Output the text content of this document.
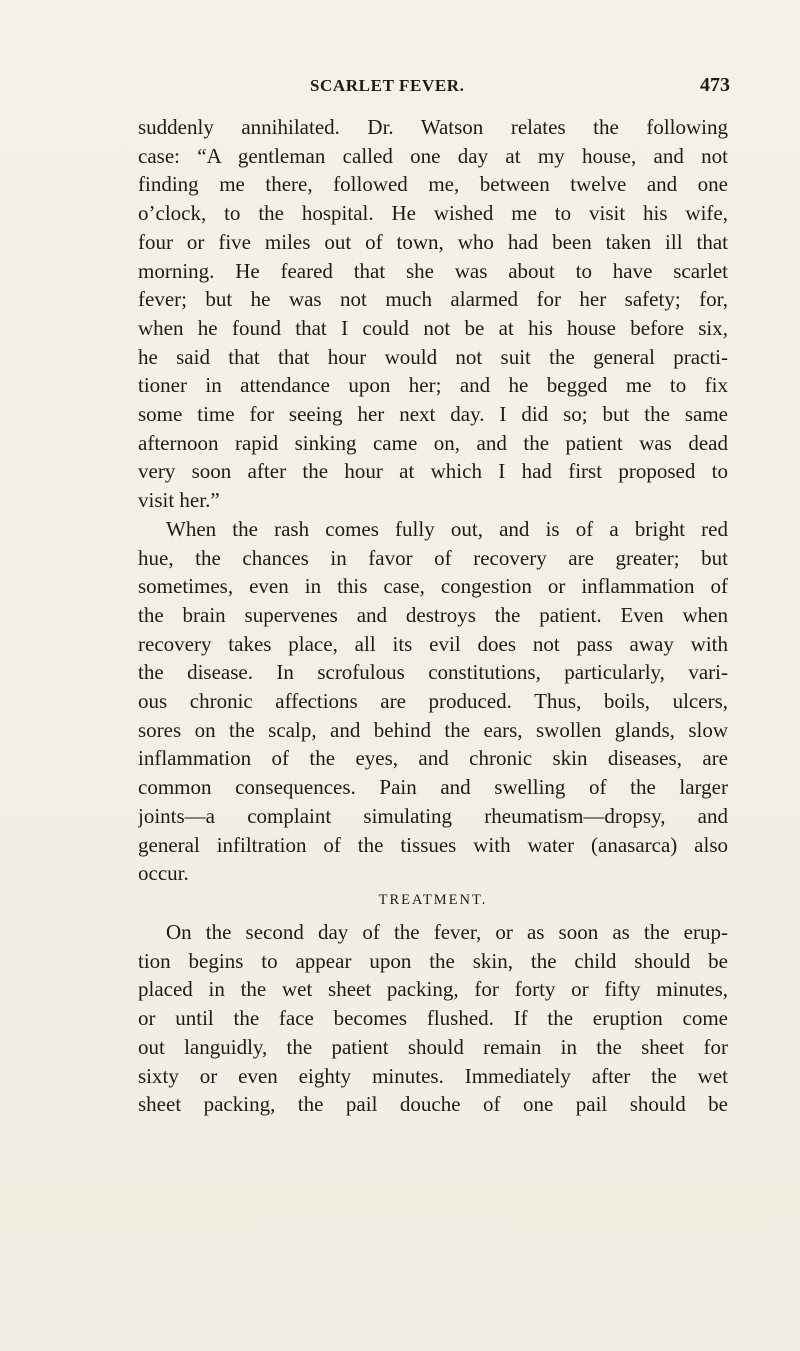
SCARLET FEVER.	473
suddenly annihilated. Dr. Watson relates the following
case: “A gentleman called one day at my house, and not
finding me there, followed me, between twelve and one
o’clock, to the hospital. He wished me to visit his wife,
four or five miles out of town, who had been taken ill that
morning. He feared that she was about to have scarlet
fever; but he was not much alarmed for her safety; for,
when he found that I could not be at his house before six,
he said that that hour would not suit the general practi-
tioner in attendance upon her; and he begged me to fix
some time for seeing her next day. I did so; but the same
afternoon rapid sinking came on, and the patient was dead
very soon after the hour at which I had first proposed to
visit her.”
When the rash comes fully out, and is of a bright red
hue, the chances in favor of recovery are greater; but
sometimes, even in this case, congestion or inflammation of
the brain supervenes and destroys the patient. Even when
recovery takes place, all its evil does not pass away with
the disease. In scrofulous constitutions, particularly, vari-
ous chronic affections are produced. Thus, boils, ulcers,
sores on the scalp, and behind the ears, swollen glands, slow
inflammation of the eyes, and chronic skin diseases, are
common consequences. Pain and swelling of the larger
joints—a complaint simulating rheumatism—dropsy, and
general infiltration of the tissues with water (anasarca) also
occur.
TREATMENT.
On the second day of the fever, or as soon as the erup-
tion begins to appear upon the skin, the child should be
placed in the wet sheet packing, for forty or fifty minutes,
or until the face becomes flushed. If the eruption come
out languidly, the patient should remain in the sheet for
sixty or even eighty minutes. Immediately after the wet
sheet packing, the pail douche of one pail should be
